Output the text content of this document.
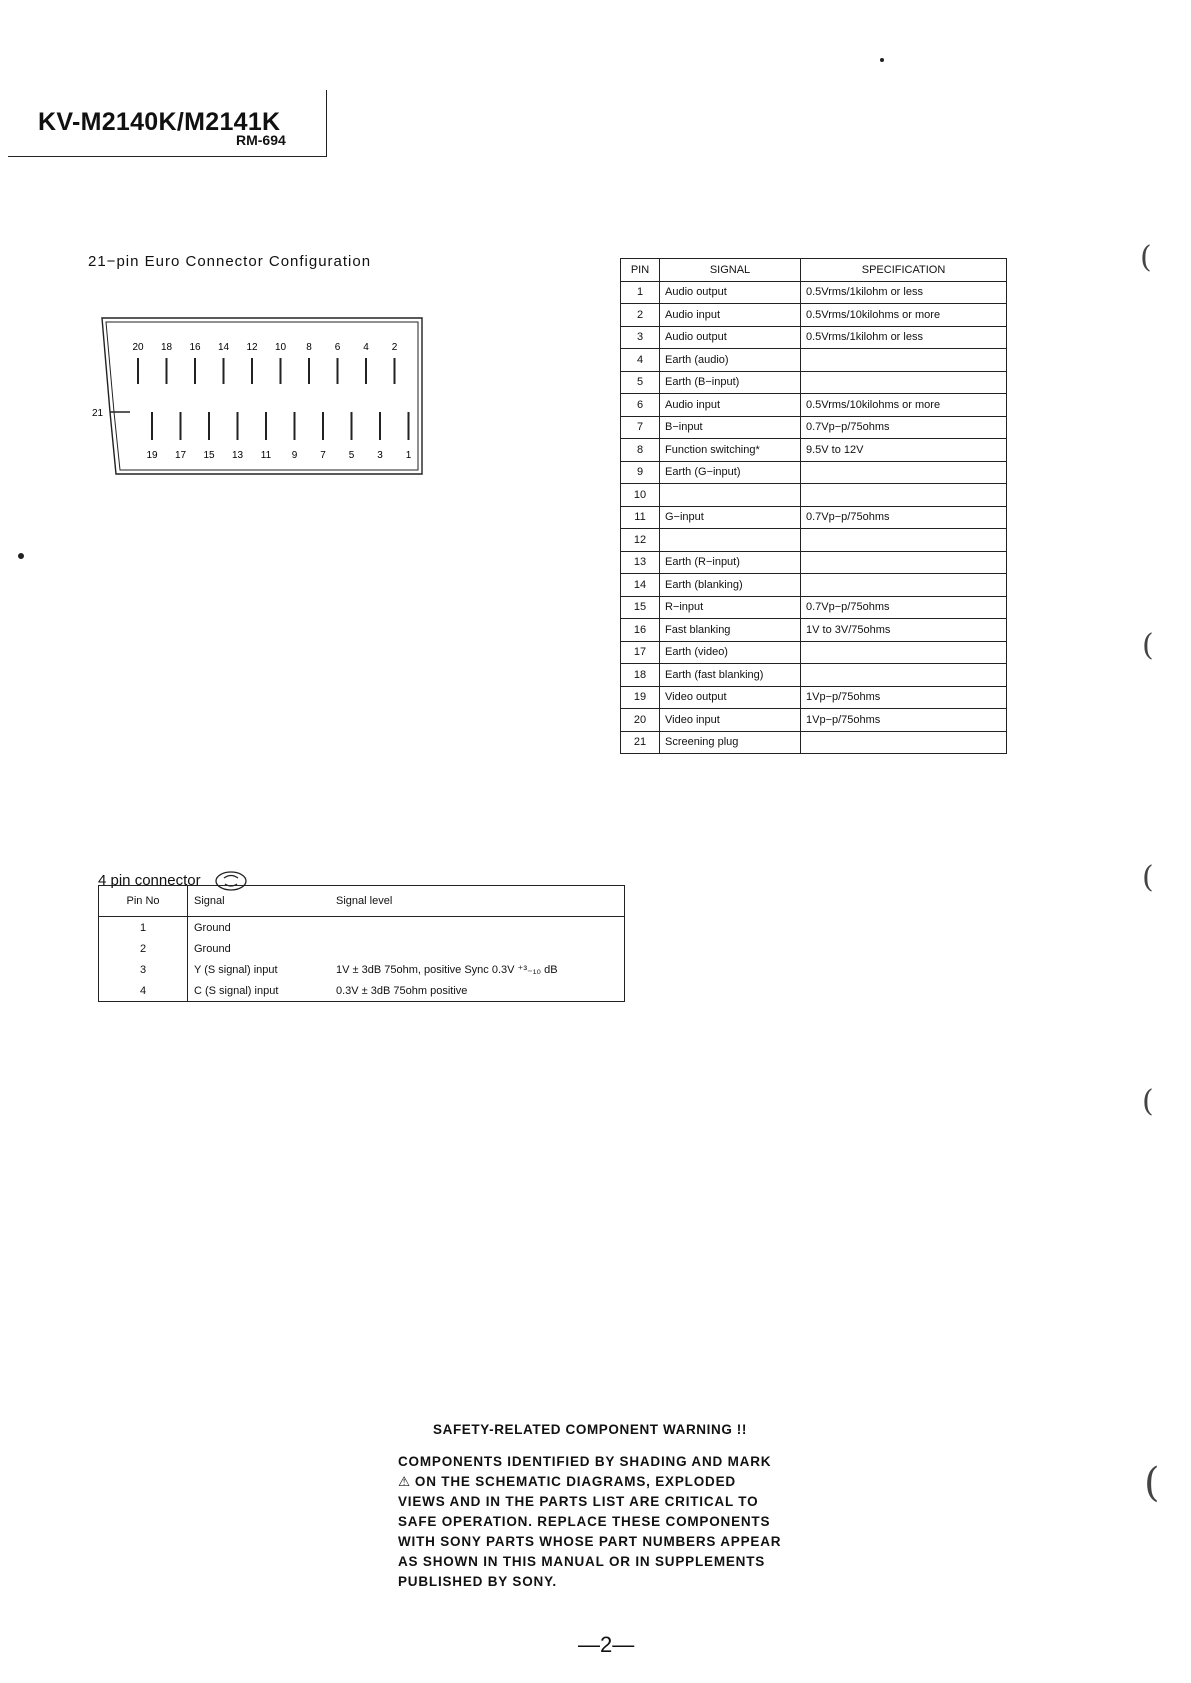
KV-M2140K/M2141K
RM-694
21−pin Euro Connector Configuration
20 18 16 14 12 10 8 6 4 2
19 17 15 13 11 9 7 5 3 1
21
PIN	SIGNAL	SPECIFICATION
1	Audio output	0.5Vrms/1kilohm or less
2	Audio input	0.5Vrms/10kilohms or more
3	Audio output	0.5Vrms/1kilohm or less
4	Earth (audio)	
5	Earth (B−input)	
6	Audio input	0.5Vrms/10kilohms or more
7	B−input	0.7Vp−p/75ohms
8	Function switching*	9.5V to 12V
9	Earth (G−input)	
10		
11	G−input	0.7Vp−p/75ohms
12		
13	Earth (R−input)	
14	Earth (blanking)	
15	R−input	0.7Vp−p/75ohms
16	Fast blanking	1V to 3V/75ohms
17	Earth (video)	
18	Earth (fast blanking)	
19	Video output	1Vp−p/75ohms
20	Video input	1Vp−p/75ohms
21	Screening plug	
4 pin connector
Pin No	Signal	Signal level
1	Ground	
2	Ground	
3	Y (S signal) input	1V ± 3dB 75ohm, positive Sync 0.3V ⁺³₋₁₀ dB
4	C (S signal) input	0.3V ± 3dB 75ohm positive
SAFETY-RELATED COMPONENT WARNING !!
COMPONENTS IDENTIFIED BY SHADING AND MARK
⚠ ON THE SCHEMATIC DIAGRAMS, EXPLODED
VIEWS AND IN THE PARTS LIST ARE CRITICAL TO
SAFE OPERATION. REPLACE THESE COMPONENTS
WITH SONY PARTS WHOSE PART NUMBERS APPEAR
AS SHOWN IN THIS MANUAL OR IN SUPPLEMENTS
PUBLISHED BY SONY.
—2—
(
(
(
(
(
